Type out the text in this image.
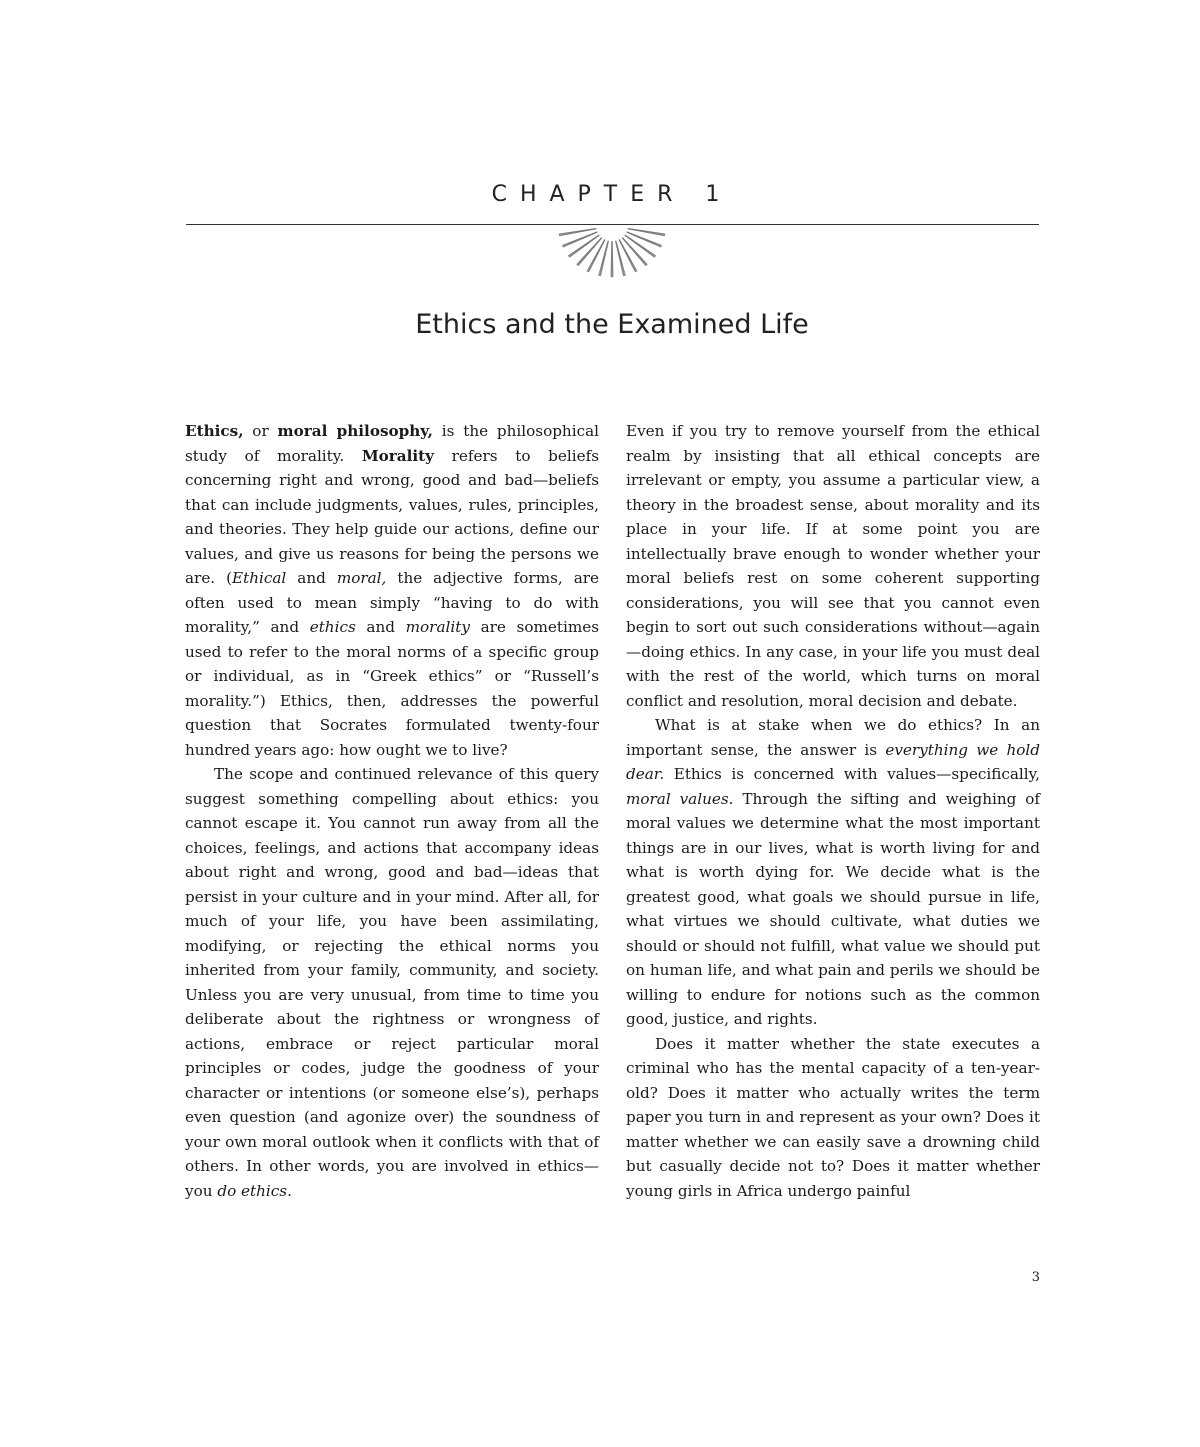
CHAPTER 1
Ethics and the Examined Life

Ethics, or moral philosophy, is the philosophical study of morality. Morality refers to beliefs concerning right and wrong, good and bad—beliefs that can include judgments, values, rules, principles, and theories. They help guide our actions, define our values, and give us reasons for being the persons we are. (Ethical and moral, the adjective forms, are often used to mean simply “having to do with morality,” and ethics and morality are sometimes used to refer to the moral norms of a specific group or individual, as in “Greek ethics” or “Russell’s morality.”) Ethics, then, addresses the powerful question that Socrates formulated twenty-four hundred years ago: how ought we to live?

The scope and continued relevance of this query suggest something compelling about ethics: you cannot escape it. You cannot run away from all the choices, feelings, and actions that accompany ideas about right and wrong, good and bad—ideas that persist in your culture and in your mind. After all, for much of your life, you have been assimilating, modifying, or rejecting the ethical norms you inherited from your family, community, and society. Unless you are very unusual, from time to time you deliberate about the rightness or wrongness of actions, embrace or reject particular moral principles or codes, judge the goodness of your character or intentions (or someone else’s), perhaps even question (and agonize over) the soundness of your own moral outlook when it conflicts with that of others. In other words, you are involved in ethics—you do ethics.

Even if you try to remove yourself from the ethical realm by insisting that all ethical concepts are irrelevant or empty, you assume a particular view, a theory in the broadest sense, about morality and its place in your life. If at some point you are intellectually brave enough to wonder whether your moral beliefs rest on some coherent supporting considerations, you will see that you cannot even begin to sort out such considerations without—again—doing ethics. In any case, in your life you must deal with the rest of the world, which turns on moral conflict and resolution, moral decision and debate.

What is at stake when we do ethics? In an important sense, the answer is everything we hold dear. Ethics is concerned with values—specifically, moral values. Through the sifting and weighing of moral values we determine what the most important things are in our lives, what is worth living for and what is worth dying for. We decide what is the greatest good, what goals we should pursue in life, what virtues we should cultivate, what duties we should or should not fulfill, what value we should put on human life, and what pain and perils we should be willing to endure for notions such as the common good, justice, and rights.

Does it matter whether the state executes a criminal who has the mental capacity of a ten-year-old? Does it matter who actually writes the term paper you turn in and represent as your own? Does it matter whether we can easily save a drowning child but casually decide not to? Does it matter whether young girls in Africa undergo painful

3
